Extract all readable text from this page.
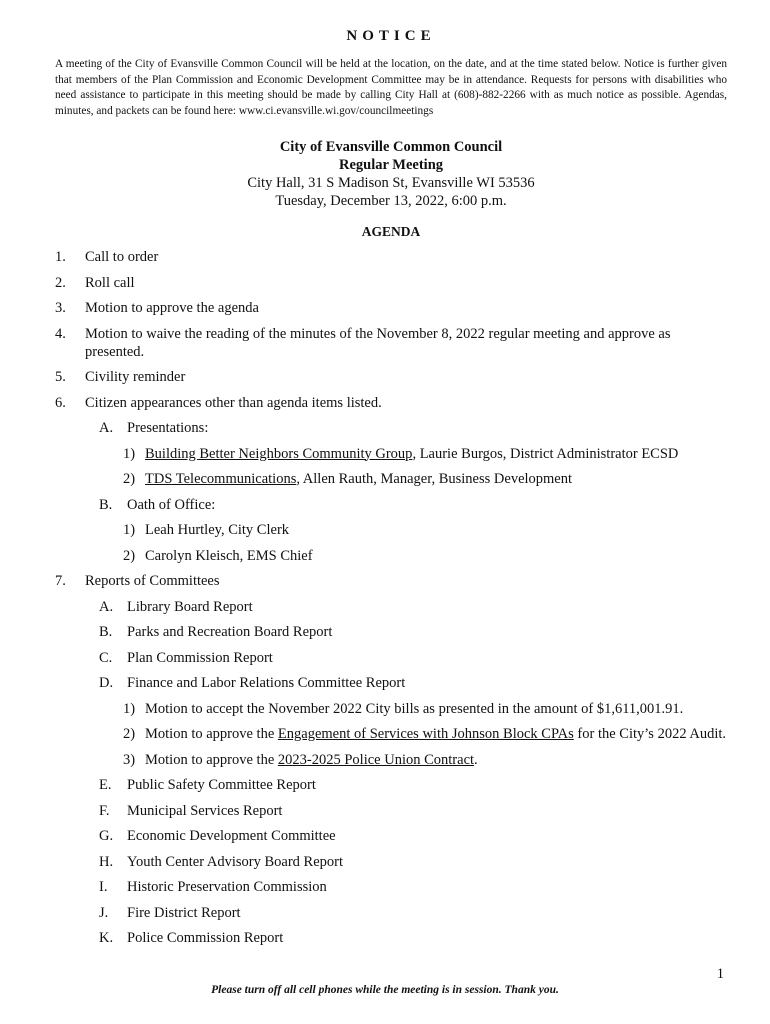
NOTICE

A meeting of the City of Evansville Common Council will be held at the location, on the date, and at the time stated below. Notice is further given that members of the Plan Commission and Economic Development Committee may be in attendance. Requests for persons with disabilities who need assistance to participate in this meeting should be made by calling City Hall at (608)-882-2266 with as much notice as possible. Agendas, minutes, and packets can be found here: www.ci.evansville.wi.gov/councilmeetings

City of Evansville Common Council
Regular Meeting
City Hall, 31 S Madison St, Evansville WI 53536
Tuesday, December 13, 2022, 6:00 p.m.
AGENDA
1. Call to order
2. Roll call
3. Motion to approve the agenda
4. Motion to waive the reading of the minutes of the November 8, 2022 regular meeting and approve as presented.
5. Civility reminder
6. Citizen appearances other than agenda items listed.
A. Presentations:
1) Building Better Neighbors Community Group, Laurie Burgos, District Administrator ECSD
2) TDS Telecommunications, Allen Rauth, Manager, Business Development
B. Oath of Office:
1) Leah Hurtley, City Clerk
2) Carolyn Kleisch, EMS Chief
7. Reports of Committees
A. Library Board Report
B. Parks and Recreation Board Report
C. Plan Commission Report
D. Finance and Labor Relations Committee Report
1) Motion to accept the November 2022 City bills as presented in the amount of $1,611,001.91.
2) Motion to approve the Engagement of Services with Johnson Block CPAs for the City’s 2022 Audit.
3) Motion to approve the 2023-2025 Police Union Contract.
E. Public Safety Committee Report
F. Municipal Services Report
G. Economic Development Committee
H. Youth Center Advisory Board Report
I. Historic Preservation Commission
J. Fire District Report
K. Police Commission Report
1
Please turn off all cell phones while the meeting is in session. Thank you.
